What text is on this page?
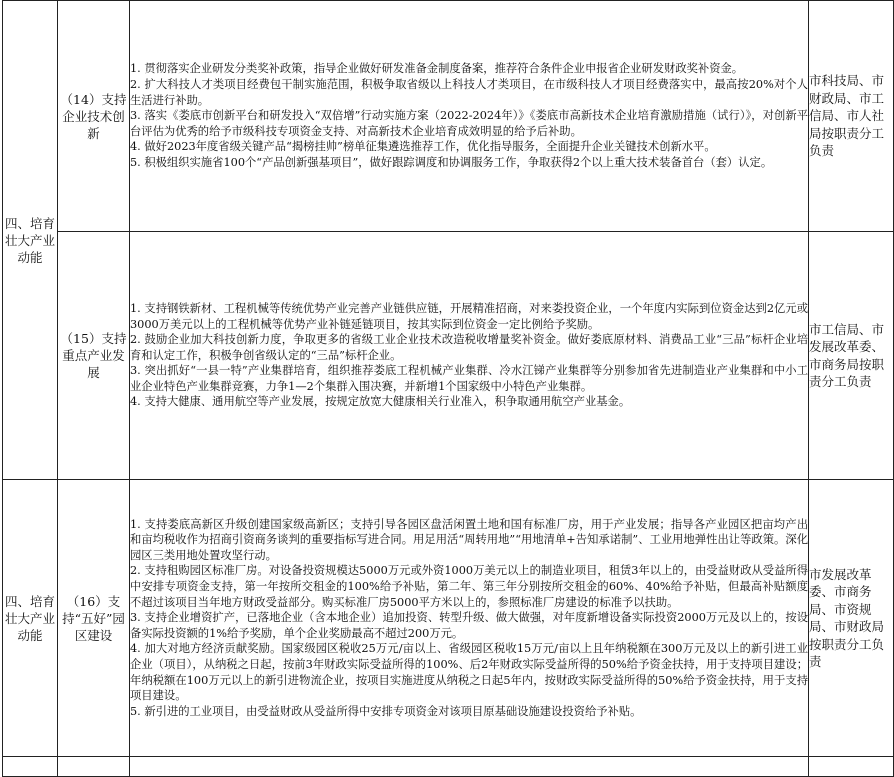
四、培育壮大产业动能	（14）支持企业技术创新	1. 贯彻落实企业研发分类奖补政策，指导企业做好研发准备金制度备案，推荐符合条件企业申报省企业研发财政奖补资金。

2. 扩大科技人才类项目经费包干制实施范围，积极争取省级以上科技人才类项目，在市级科技人才项目经费落实中，最高按20%对个人生活进行补助。

3. 落实《娄底市创新平台和研发投入“双倍增”行动实施方案（2022-2024年）》《娄底市高新技术企业培育激励措施（试行）》，对创新平台评估为优秀的给予市级科技专项资金支持、对高新技术企业培育成效明显的给予后补助。

4. 做好2023年度省级关键产品“揭榜挂帅”榜单征集遴选推荐工作，优化指导服务，全面提升企业关键技术创新水平。

5. 积极组织实施省100个“产品创新强基项目”，做好跟踪调度和协调服务工作，争取获得2个以上重大技术装备首台（套）认定。	市科技局、市财政局、市工信局、市人社局按职责分工负责
	（15）支持重点产业发展	1. 支持钢铁新材、工程机械等传统优势产业完善产业链供应链，开展精准招商，对来娄投资企业，一个年度内实际到位资金达到2亿元或3000万美元以上的工程机械等优势产业补链延链项目，按其实际到位资金一定比例给予奖励。

2. 鼓励企业加大科技创新力度，争取更多的省级工业企业技术改造税收增量奖补资金。做好娄底原材料、消费品工业“三品”标杆企业培育和认定工作，积极争创省级认定的“三品”标杆企业。

3. 突出抓好“一县一特”产业集群培育，组织推荐娄底工程机械产业集群、冷水江锑产业集群等分别参加省先进制造业产业集群和中小工业企业特色产业集群竞赛，力争1—2个集群入围决赛，并新增1个国家级中小特色产业集群。

4. 支持大健康、通用航空等产业发展，按规定放宽大健康相关行业准入，积争取通用航空产业基金。	市工信局、市发展改革委、市商务局按职责分工负责
四、培育壮大产业动能	（16）支持“五好”园区建设	1. 支持娄底高新区升级创建国家级高新区；支持引导各园区盘活闲置土地和国有标准厂房，用于产业发展；指导各产业园区把亩均产出和亩均税收作为招商引资商务谈判的重要指标写进合同。用足用活“周转用地”“用地清单+告知承诺制”、工业用地弹性出让等政策。深化园区三类用地处置攻坚行动。

2. 支持租购园区标准厂房。对设备投资规模达5000万元或外资1000万美元以上的制造业项目，租赁3年以上的，由受益财政从受益所得中安排专项资金支持，第一年按所交租金的100%给予补贴，第二年、第三年分别按所交租金的60%、40%给予补贴，但最高补贴额度不超过该项目当年地方财政受益部分。购买标准厂房5000平方米以上的，参照标准厂房建设的标准予以扶助。

3. 支持企业增资扩产，已落地企业（含本地企业）追加投资、转型升级、做大做强，对年度新增设备实际投资2000万元及以上的，按设备实际投资额的1%给予奖励，单个企业奖励最高不超过200万元。

4. 加大对地方经济贡献奖励。国家级园区税收25万元/亩以上、省级园区税收15万元/亩以上且年纳税额在300万元及以上的新引进工业企业（项目），从纳税之日起，按前3年财政实际受益所得的100%、后2年财政实际受益所得的50%给予资金扶持，用于支持项目建设；年纳税额在100万元以上的新引进物流企业，按项目实施进度从纳税之日起5年内，按财政实际受益所得的50%给予资金扶持，用于支持项目建设。

5. 新引进的工业项目，由受益财政从受益所得中安排专项资金对该项目原基础设施建设投资给予补贴。	市发展改革委、市商务局、市资规局、市财政局按职责分工负责
